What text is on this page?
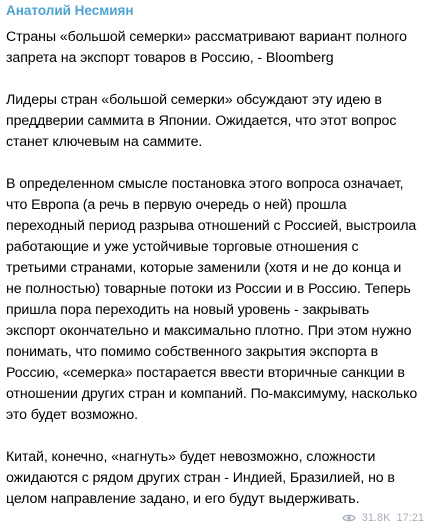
Анатолий Несмиян

Страны «большой семерки» рассматривают вариант полного запрета на экспорт товаров в Россию, - Bloomberg

Лидеры стран «большой семерки» обсуждают эту идею в преддверии саммита в Японии. Ожидается, что этот вопрос станет ключевым на саммите.

В определенном смысле постановка этого вопроса означает, что Европа (а речь в первую очередь о ней) прошла переходный период разрыва отношений с Россией, выстроила работающие и уже устойчивые торговые отношения с третьими странами, которые заменили (хотя и не до конца и не полностью) товарные потоки из России и в Россию. Теперь пришла пора переходить на новый уровень - закрывать экспорт окончательно и максимально плотно. При этом нужно понимать, что помимо собственного закрытия экспорта в Россию, «семерка» постарается ввести вторичные санкции в отношении других стран и компаний. По-максимуму, насколько это будет возможно.

Китай, конечно, «нагнуть» будет невозможно, сложности ожидаются с рядом других стран - Индией, Бразилией, но в целом направление задано, и его будут выдерживать.

31.8K 17:21
